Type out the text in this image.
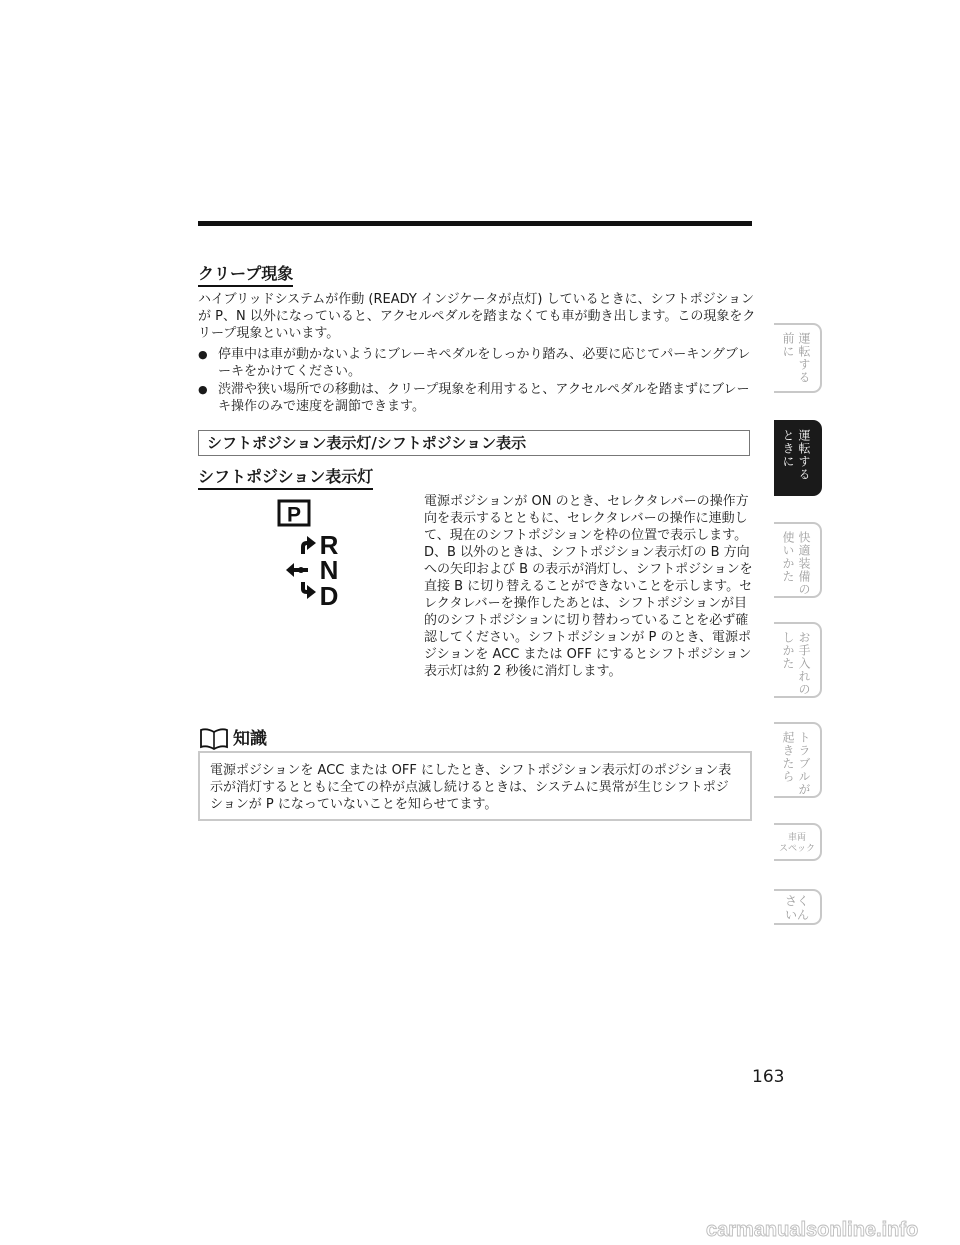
クリープ現象
ハイブリッドシステムが作動 (READY インジケータが点灯) しているときに、シフトポジションが P、N 以外になっていると、アクセルペダルを踏まなくても車が動き出します。この現象をクリープ現象といいます。
● 停車中は車が動かないようにブレーキペダルをしっかり踏み、必要に応じてパーキングブレーキをかけてください。
● 渋滞や狭い場所での移動は、クリープ現象を利用すると、アクセルペダルを踏まずにブレーキ操作のみで速度を調節できます。
シフトポジション表示灯/シフトポジション表示
シフトポジション表示灯
P
R
N
D
電源ポジションが ON のとき、セレクタレバーの操作方向を表示するとともに、セレクタレバーの操作に連動して、現在のシフトポジションを枠の位置で表示します。D、B 以外のときは、シフトポジション表示灯の B 方向への矢印および B の表示が消灯し、シフトポジションを直接 B に切り替えることができないことを示します。セレクタレバーを操作したあとは、シフトポジションが目的のシフトポジションに切り替わっていることを必ず確認してください。シフトポジションが P のとき、電源ポジションを ACC または OFF にするとシフトポジション表示灯は約 2 秒後に消灯します。
知識
電源ポジションを ACC または OFF にしたとき、シフトポジション表示灯のポジション表示が消灯するとともに全ての枠が点滅し続けるときは、システムに異常が生じシフトポジションが P になっていないことを知らせてます。
運転する
前に
運転する
ときに
快適装備の
使いかた
お手入れの
しかた
トラブルが
起きたら
車両
スペック
さく
いん
163
carmanualsonline.info
